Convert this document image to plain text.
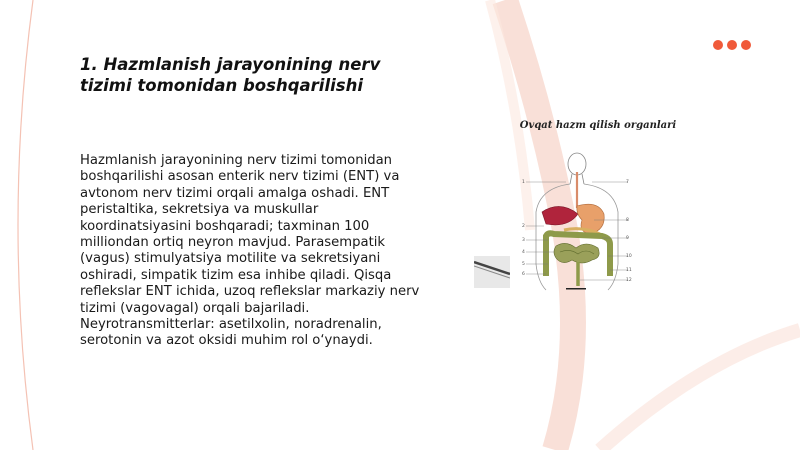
1. Hazmlanish jarayonining nerv tizimi tomonidan boshqarilishi

Hazmlanish jarayonining nerv tizimi tomonidan boshqarilishi asosan enterik nerv tizimi (ENT) va avtonom nerv tizimi orqali amalga oshadi. ENT peristaltika, sekretsiya va muskullar koordinatsiyasini boshqaradi; taxminan 100 milliondan ortiq neyron mavjud. Parasempatik (vagus) stimulyatsiya motilite va sekretsiyani oshiradi, simpatik tizim esa inhibe qiladi. Qisqa reflekslar ENT ichida, uzoq reflekslar markaziy nerv tizimi (vagovagal) orqali bajariladi. Neyrotransmitterlar: asetilxolin, noradrenalin, serotonin va azot oksidi muhim rol o‘ynaydi.

Ovqat hazm qilish organlari
1
2
3
4
5
6
7
8
9
10
11
12
